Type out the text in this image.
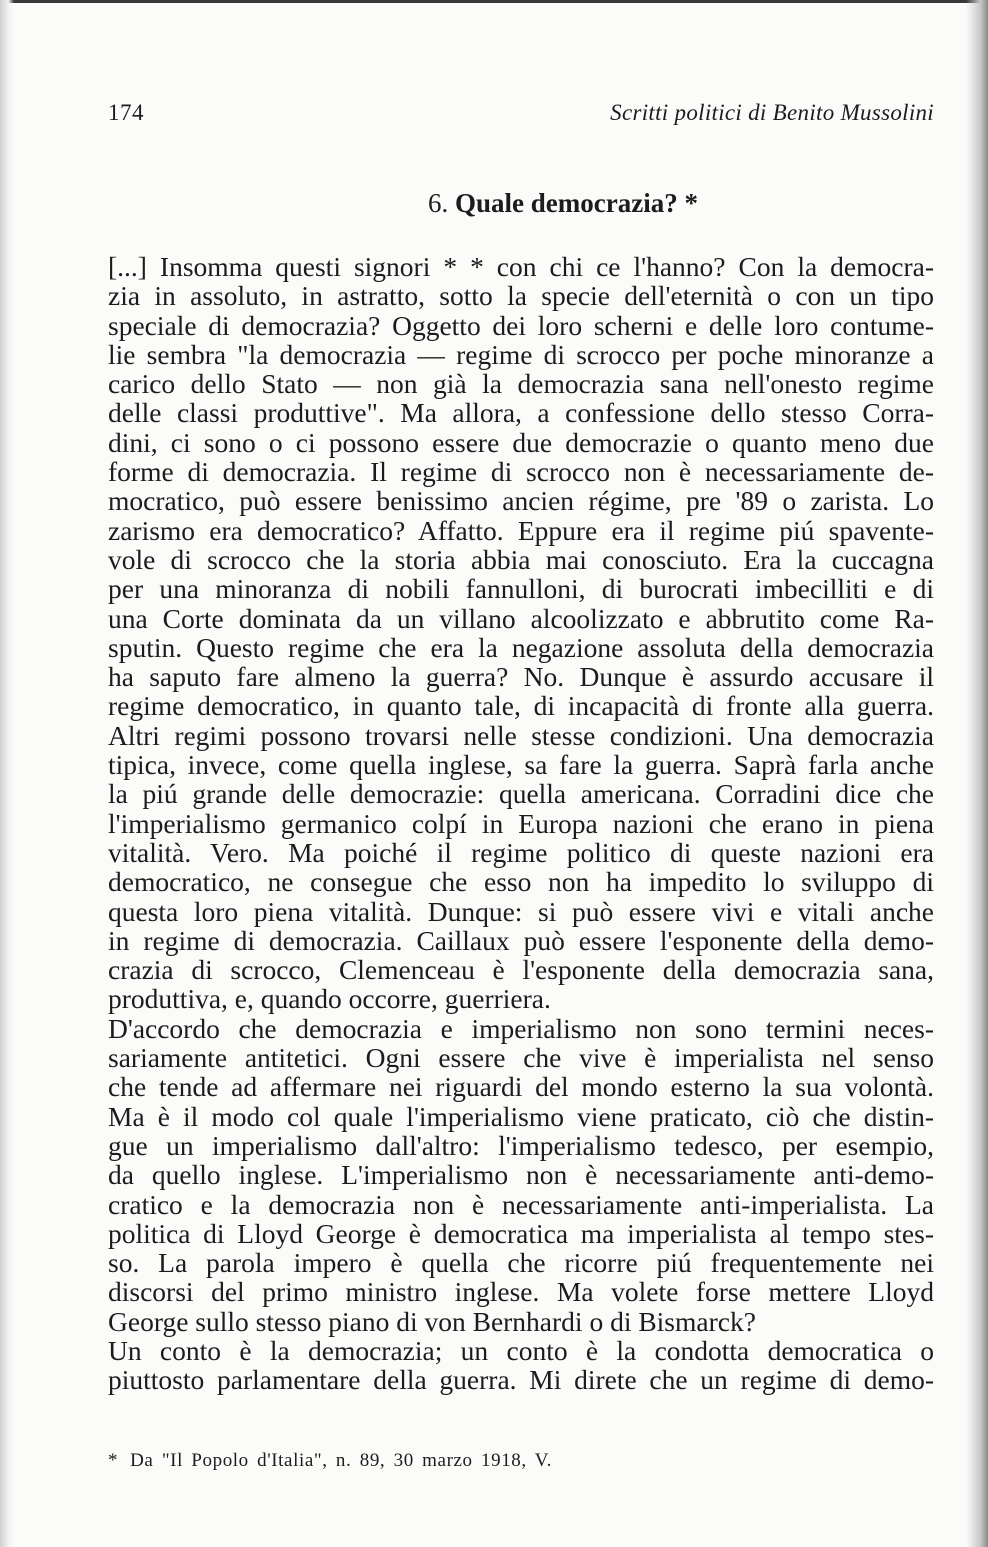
174	Scritti politici di Benito Mussolini
6. Quale democrazia? *
[...] Insomma questi signori * * con chi ce l'hanno? Con la democra-
zia in assoluto, in astratto, sotto la specie dell'eternità o con un tipo
speciale di democrazia? Oggetto dei loro scherni e delle loro contume-
lie sembra "la democrazia — regime di scrocco per poche minoranze a
carico dello Stato — non già la democrazia sana nell'onesto regime
delle classi produttive". Ma allora, a confessione dello stesso Corra-
dini, ci sono o ci possono essere due democrazie o quanto meno due
forme di democrazia. Il regime di scrocco non è necessariamente de-
mocratico, può essere benissimo ancien régime, pre '89 o zarista. Lo
zarismo era democratico? Affatto. Eppure era il regime piú spavente-
vole di scrocco che la storia abbia mai conosciuto. Era la cuccagna
per una minoranza di nobili fannulloni, di burocrati imbecilliti e di
una Corte dominata da un villano alcoolizzato e abbrutito come Ra-
sputin. Questo regime che era la negazione assoluta della democrazia
ha saputo fare almeno la guerra? No. Dunque è assurdo accusare il
regime democratico, in quanto tale, di incapacità di fronte alla guerra.
Altri regimi possono trovarsi nelle stesse condizioni. Una democrazia
tipica, invece, come quella inglese, sa fare la guerra. Saprà farla anche
la piú grande delle democrazie: quella americana. Corradini dice che
l'imperialismo germanico colpí in Europa nazioni che erano in piena
vitalità. Vero. Ma poiché il regime politico di queste nazioni era
democratico, ne consegue che esso non ha impedito lo sviluppo di
questa loro piena vitalità. Dunque: si può essere vivi e vitali anche
in regime di democrazia. Caillaux può essere l'esponente della demo-
crazia di scrocco, Clemenceau è l'esponente della democrazia sana,
produttiva, e, quando occorre, guerriera.
D'accordo che democrazia e imperialismo non sono termini neces-
sariamente antitetici. Ogni essere che vive è imperialista nel senso
che tende ad affermare nei riguardi del mondo esterno la sua volontà.
Ma è il modo col quale l'imperialismo viene praticato, ciò che distin-
gue un imperialismo dall'altro: l'imperialismo tedesco, per esempio,
da quello inglese. L'imperialismo non è necessariamente anti-demo-
cratico e la democrazia non è necessariamente anti-imperialista. La
politica di Lloyd George è democratica ma imperialista al tempo stes-
so. La parola impero è quella che ricorre piú frequentemente nei
discorsi del primo ministro inglese. Ma volete forse mettere Lloyd
George sullo stesso piano di von Bernhardi o di Bismarck?
Un conto è la democrazia; un conto è la condotta democratica o
piuttosto parlamentare della guerra. Mi direte che un regime di demo-
* Da "Il Popolo d'Italia", n. 89, 30 marzo 1918, V.
